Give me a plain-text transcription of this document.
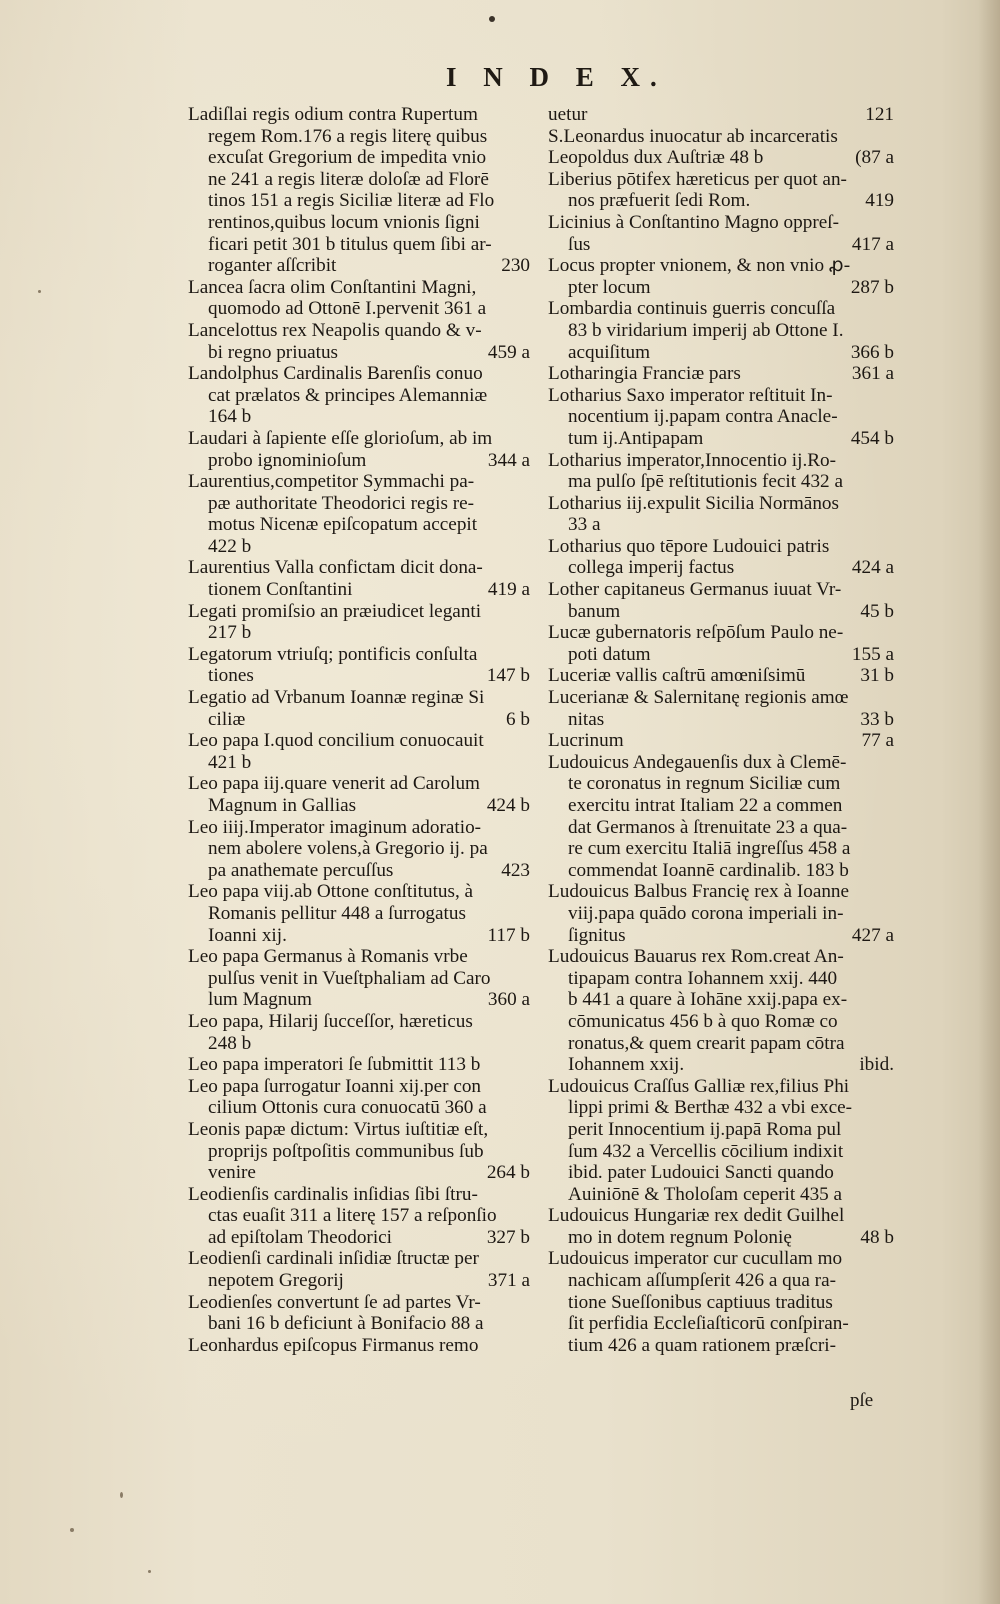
I N D E X.
Ladiſlai regis odium contra Rupertum
regem Rom.176 a regis literę quibus
excuſat Gregorium de impedita vnio
ne 241 a regis literæ doloſæ ad Florē
tinos 151 a regis Siciliæ literæ ad Flo
rentinos,quibus locum vnionis ſigni
ficari petit 301 b titulus quem ſibi ar-
230
roganter aſſcribit
Lancea ſacra olim Conſtantini Magni,
quomodo ad Ottonē I.pervenit 361 a
Lancelottus rex Neapolis quando & v-
459 a
bi regno priuatus
Landolphus Cardinalis Barenſis conuo
cat prælatos & principes Alemanniæ
164 b
Laudari à ſapiente eſſe glorioſum, ab im
344 a
probo ignominioſum
Laurentius,competitor Symmachi pa-
pæ authoritate Theodorici regis re-
motus Nicenæ epiſcopatum accepit
422 b
Laurentius Valla confictam dicit dona-
419 a
tionem Conſtantini
Legati promiſsio an præiudicet leganti
217 b
Legatorum vtriuſq; pontificis conſulta
147 b
tiones
Legatio ad Vrbanum Ioannæ reginæ Si
6 b
ciliæ
Leo papa I.quod concilium conuocauit
421 b
Leo papa iij.quare venerit ad Carolum
424 b
Magnum in Gallias
Leo iiij.Imperator imaginum adoratio-
nem abolere volens,à Gregorio ij. pa
423
pa anathemate percuſſus
Leo papa viij.ab Ottone conſtitutus, à
Romanis pellitur 448 a ſurrogatus
117 b
Ioanni xij.
Leo papa Germanus à Romanis vrbe
pulſus venit in Vueſtphaliam ad Caro
360 a
lum Magnum
Leo papa, Hilarij ſucceſſor, hæreticus
248 b
Leo papa imperatori ſe ſubmittit 113 b
Leo papa ſurrogatur Ioanni xij.per con
cilium Ottonis cura conuocatū 360 a
Leonis papæ dictum: Virtus iuſtitiæ eſt,
proprijs poſtpoſitis communibus ſub
264 b
venire
Leodienſis cardinalis inſidias ſibi ſtru-
ctas euaſit 311 a literę 157 a reſponſio
327 b
ad epiſtolam Theodorici
Leodienſi cardinali inſidiæ ſtructæ per
371 a
nepotem Gregorij
Leodienſes convertunt ſe ad partes Vr-
bani 16 b deficiunt à Bonifacio 88 a
Leonhardus epiſcopus Firmanus remo
121
uetur
S.Leonardus inuocatur ab incarceratis
(87 a
Leopoldus dux Auſtriæ 48 b
Liberius pōtifex hæreticus per quot an-
419
nos præfuerit ſedi Rom.
Licinius à Conſtantino Magno oppreſ-
417 a
ſus
Locus propter vnionem, & non vnio ꝓ-
287 b
pter locum
Lombardia continuis guerris concuſſa
83 b viridarium imperij ab Ottone I.
366 b
acquiſitum
361 a
Lotharingia Franciæ pars
Lotharius Saxo imperator reſtituit In-
nocentium ij.papam contra Anacle-
454 b
tum ij.Antipapam
Lotharius imperator,Innocentio ij.Ro-
ma pulſo ſpē reſtitutionis fecit 432 a
Lotharius iij.expulit Sicilia Normānos
33 a
Lotharius quo tēpore Ludouici patris
424 a
collega imperij factus
Lother capitaneus Germanus iuuat Vr-
45 b
banum
Lucæ gubernatoris reſpōſum Paulo ne-
155 a
poti datum
31 b
Luceriæ vallis caſtrū amœniſsimū
Lucerianæ & Salernitanę regionis amœ
33 b
nitas
77 a
Lucrinum
Ludouicus Andegauenſis dux à Clemē-
te coronatus in regnum Siciliæ cum
exercitu intrat Italiam 22 a commen
dat Germanos à ſtrenuitate 23 a qua-
re cum exercitu Italiā ingreſſus 458 a
commendat Ioannē cardinalib. 183 b
Ludouicus Balbus Francię rex à Ioanne
viij.papa quādo corona imperiali in-
427 a
ſignitus
Ludouicus Bauarus rex Rom.creat An-
tipapam contra Iohannem xxij. 440
b 441 a quare à Iohāne xxij.papa ex-
cōmunicatus 456 b à quo Romæ co
ronatus,& quem crearit papam cōtra
ibid.
Iohannem xxij.
Ludouicus Craſſus Galliæ rex,filius Phi
lippi primi & Berthæ 432 a vbi exce-
perit Innocentium ij.papā Roma pul
ſum 432 a Vercellis cōcilium indixit
ibid. pater Ludouici Sancti quando
Auiniōnē & Tholoſam ceperit 435 a
Ludouicus Hungariæ rex dedit Guilhel
48 b
mo in dotem regnum Polonię
Ludouicus imperator cur cucullam mo
nachicam aſſumpſerit 426 a qua ra-
tione Sueſſonibus captiuus traditus
ſit perfidia Eccleſiaſticorū conſpiran-
tium 426 a quam rationem præſcri-
pſe
